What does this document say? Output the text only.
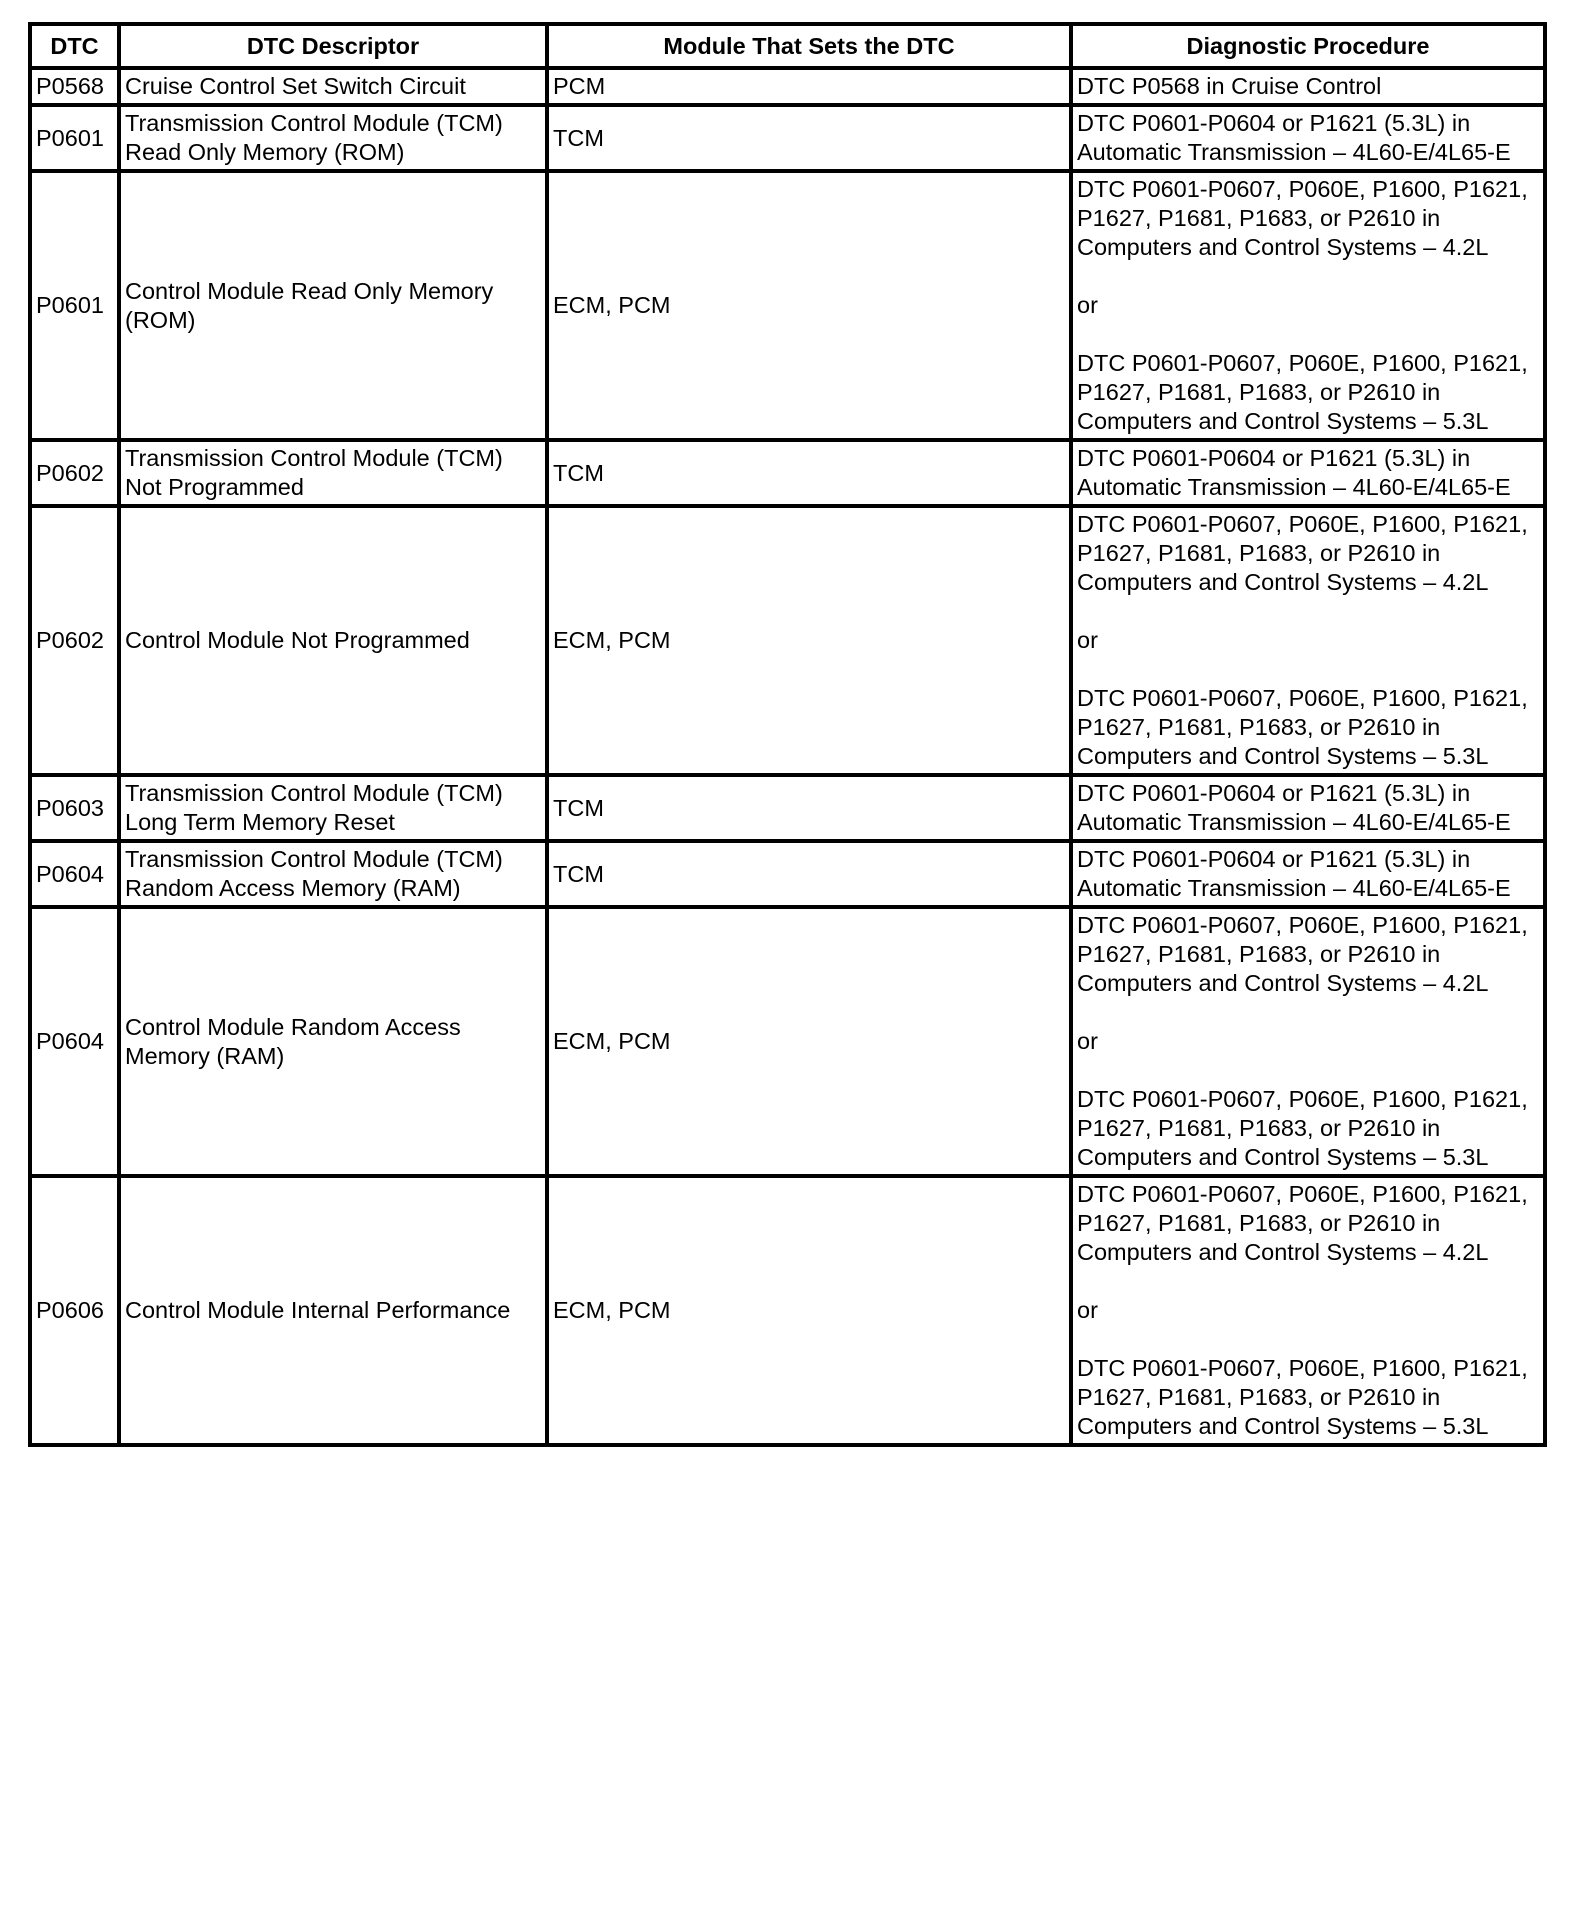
DTC	DTC Descriptor	Module That Sets the DTC	Diagnostic Procedure
P0568	Cruise Control Set Switch Circuit	PCM	DTC P0568 in Cruise Control

P0601	Transmission Control Module (TCM) Read Only Memory (ROM)	TCM	DTC P0601-P0604 or P1621 (5.3L) in Automatic Transmission – 4L60-E/4L65-E

P0601	Control Module Read Only Memory (ROM)	ECM, PCM	DTC P0601-P0607, P060E, P1600, P1621, P1627, P1681, P1683, or P2610 in Computers and Control Systems – 4.2L
or
DTC P0601-P0607, P060E, P1600, P1621, P1627, P1681, P1683, or P2610 in Computers and Control Systems – 5.3L

P0602	Transmission Control Module (TCM) Not Programmed	TCM	DTC P0601-P0604 or P1621 (5.3L) in Automatic Transmission – 4L60-E/4L65-E

P0602	Control Module Not Programmed	ECM, PCM	DTC P0601-P0607, P060E, P1600, P1621, P1627, P1681, P1683, or P2610 in Computers and Control Systems – 4.2L
or
DTC P0601-P0607, P060E, P1600, P1621, P1627, P1681, P1683, or P2610 in Computers and Control Systems – 5.3L

P0603	Transmission Control Module (TCM) Long Term Memory Reset	TCM	DTC P0601-P0604 or P1621 (5.3L) in Automatic Transmission – 4L60-E/4L65-E

P0604	Transmission Control Module (TCM) Random Access Memory (RAM)	TCM	DTC P0601-P0604 or P1621 (5.3L) in Automatic Transmission – 4L60-E/4L65-E

P0604	Control Module Random Access Memory (RAM)	ECM, PCM	DTC P0601-P0607, P060E, P1600, P1621, P1627, P1681, P1683, or P2610 in Computers and Control Systems – 4.2L
or
DTC P0601-P0607, P060E, P1600, P1621, P1627, P1681, P1683, or P2610 in Computers and Control Systems – 5.3L

P0606	Control Module Internal Performance	ECM, PCM	DTC P0601-P0607, P060E, P1600, P1621, P1627, P1681, P1683, or P2610 in Computers and Control Systems – 4.2L
or
DTC P0601-P0607, P060E, P1600, P1621, P1627, P1681, P1683, or P2610 in Computers and Control Systems – 5.3L
